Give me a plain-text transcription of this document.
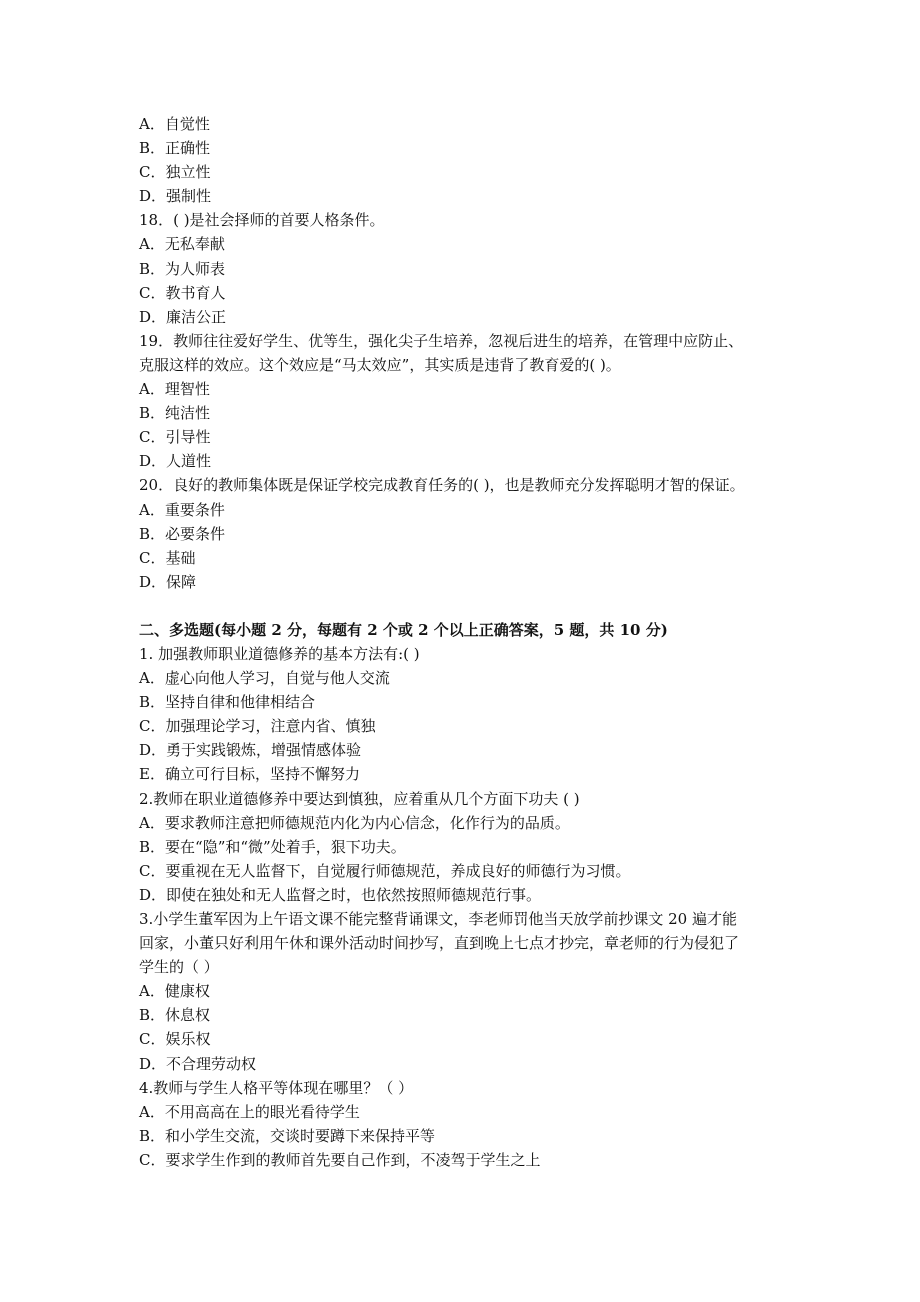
A．自觉性
B．正确性
C．独立性
D．强制性
18．( )是社会择师的首要人格条件。
A．无私奉献
B．为人师表
C．教书育人
D．廉洁公正
19．教师往往爱好学生、优等生，强化尖子生培养，忽视后进生的培养，在管理中应防止、
克服这样的效应。这个效应是“马太效应”，其实质是违背了教育爱的( )。
A．理智性
B．纯洁性
C．引导性
D．人道性
20．良好的教师集体既是保证学校完成教育任务的( )，也是教师充分发挥聪明才智的保证。
A．重要条件
B．必要条件
C．基础
D．保障
二、多选题(每小题 2 分，每题有 2 个或 2 个以上正确答案，5 题，共 10 分)
1. 加强教师职业道德修养的基本方法有:( )
A．虚心向他人学习，自觉与他人交流
B．坚持自律和他律相结合
C．加强理论学习，注意内省、慎独
D．勇于实践锻炼，增强情感体验
E．确立可行目标，坚持不懈努力
2.教师在职业道德修养中要达到慎独，应着重从几个方面下功夫 ( )
A．要求教师注意把师德规范内化为内心信念，化作行为的品质。
B．要在“隐”和“微”处着手，狠下功夫。
C．要重视在无人监督下，自觉履行师德规范，养成良好的师德行为习惯。
D．即使在独处和无人监督之时，也依然按照师德规范行事。
3.小学生董军因为上午语文课不能完整背诵课文，李老师罚他当天放学前抄课文 20 遍才能
回家，小董只好利用午休和课外活动时间抄写，直到晚上七点才抄完，章老师的行为侵犯了
学生的（ ）
A．健康权
B．休息权
C．娱乐权
D．不合理劳动权
4.教师与学生人格平等体现在哪里？（ ）
A．不用高高在上的眼光看待学生
B．和小学生交流，交谈时要蹲下来保持平等
C．要求学生作到的教师首先要自己作到，不凌驾于学生之上
